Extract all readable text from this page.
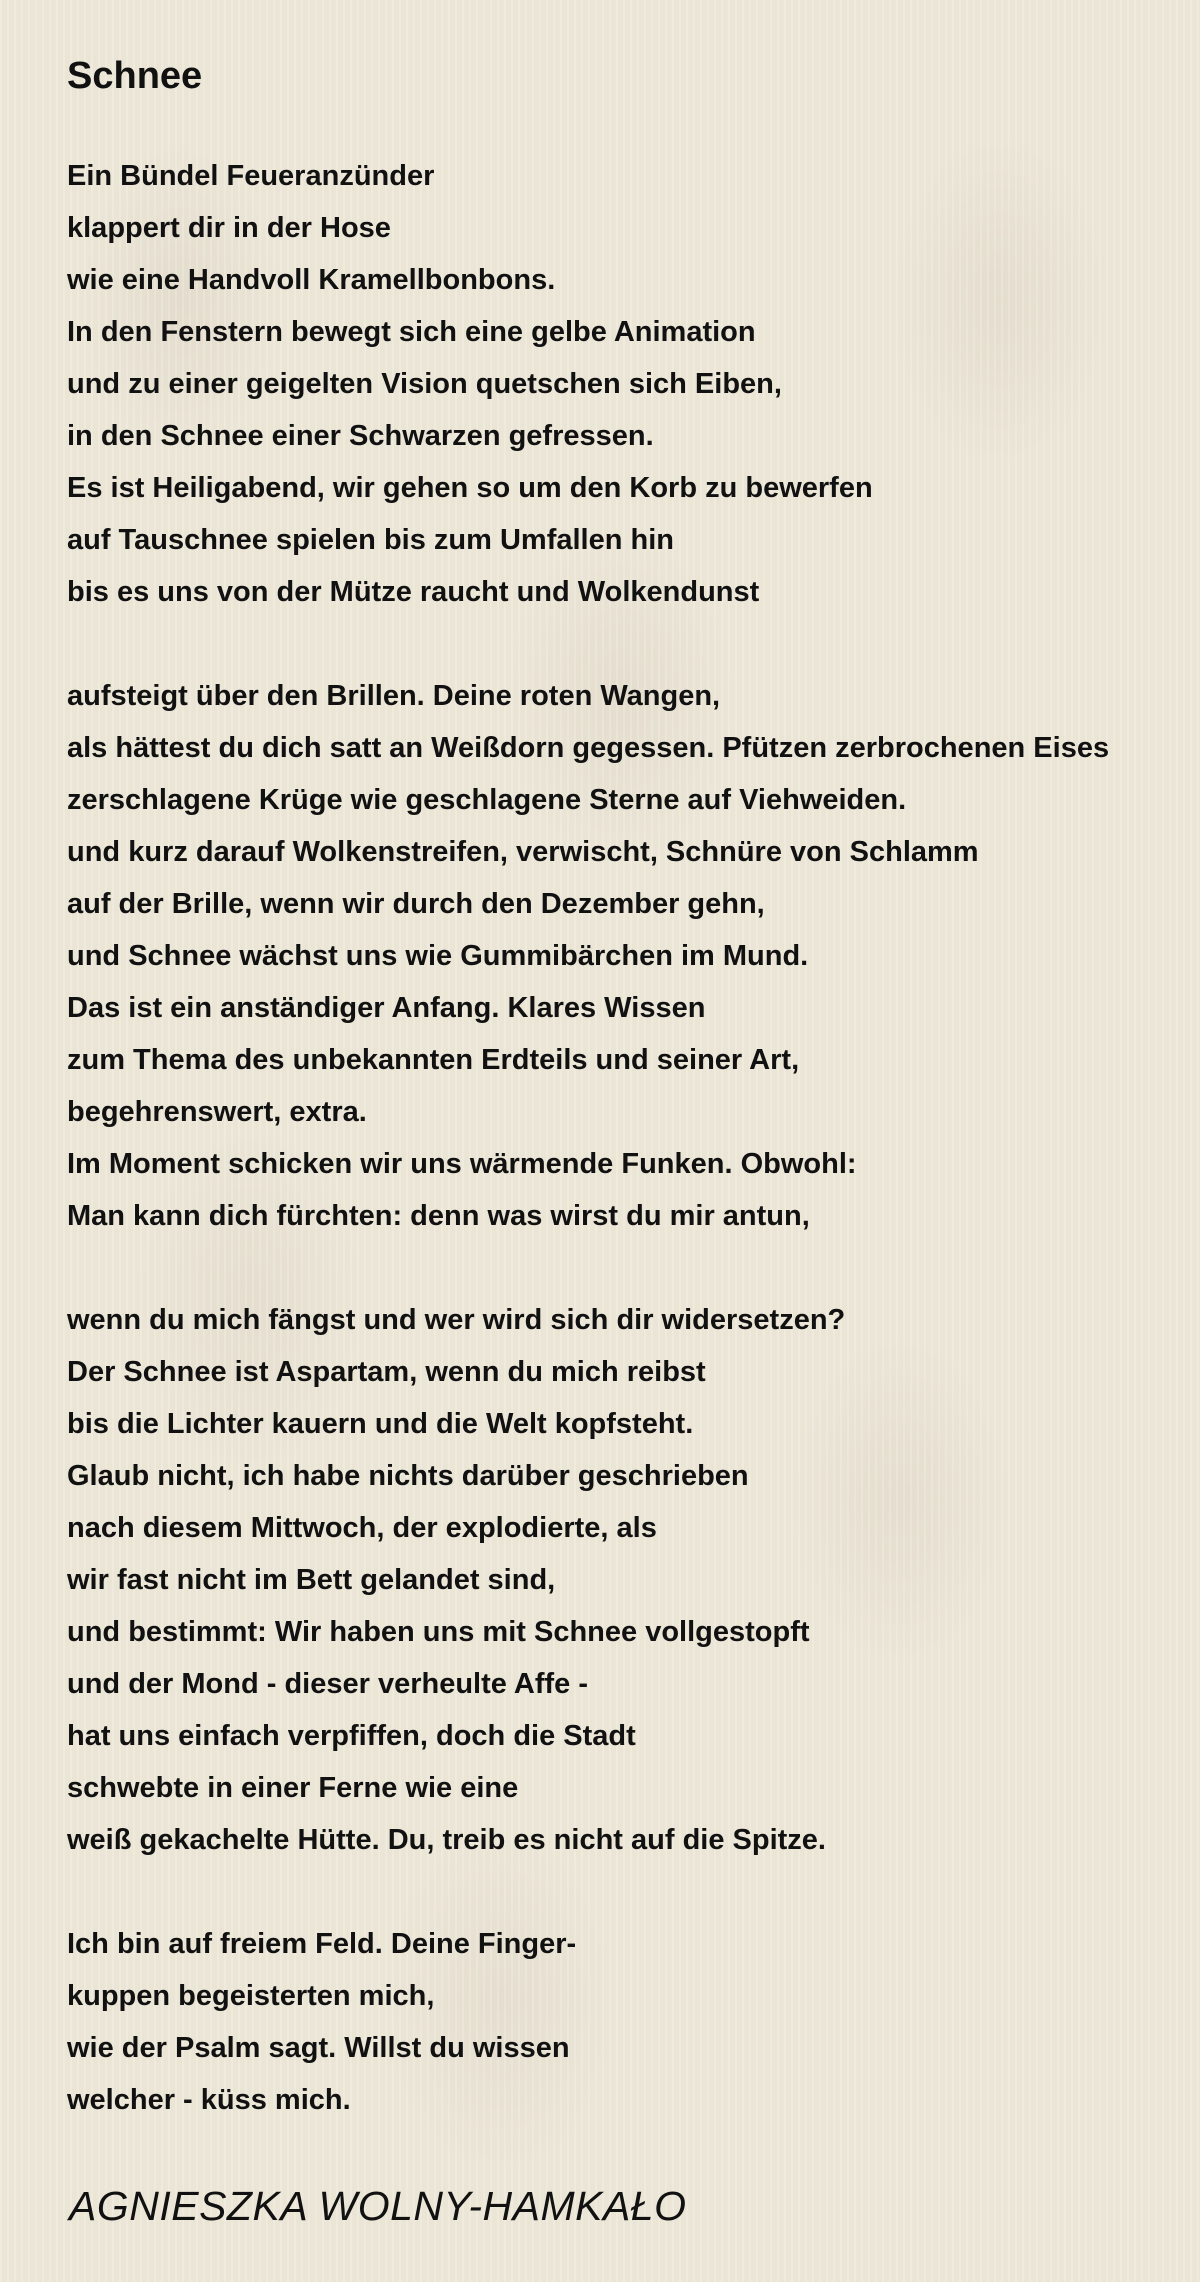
Schnee
Ein Bündel Feueranzünder
klappert dir in der Hose
wie eine Handvoll Kramellbonbons.
In den Fenstern bewegt sich eine gelbe Animation
und zu einer geigelten Vision quetschen sich Eiben,
in den Schnee einer Schwarzen gefressen.
Es ist Heiligabend, wir gehen so um den Korb zu bewerfen
auf Tauschnee spielen bis zum Umfallen hin
bis es uns von der Mütze raucht und Wolkendunst
aufsteigt über den Brillen. Deine roten Wangen,
als hättest du dich satt an Weißdorn gegessen. Pfützen zerbrochenen Eises
zerschlagene Krüge wie geschlagene Sterne auf Viehweiden.
und kurz darauf Wolkenstreifen, verwischt, Schnüre von Schlamm
auf der Brille, wenn wir durch den Dezember gehn,
und Schnee wächst uns wie Gummibärchen im Mund.
Das ist ein anständiger Anfang. Klares Wissen
zum Thema des unbekannten Erdteils und seiner Art,
begehrenswert, extra.
Im Moment schicken wir uns wärmende Funken. Obwohl:
Man kann dich fürchten: denn was wirst du mir antun,
wenn du mich fängst und wer wird sich dir widersetzen?
Der Schnee ist Aspartam, wenn du mich reibst
bis die Lichter kauern und die Welt kopfsteht.
Glaub nicht, ich habe nichts darüber geschrieben
nach diesem Mittwoch, der explodierte, als
wir fast nicht im Bett gelandet sind,
und bestimmt: Wir haben uns mit Schnee vollgestopft
und der Mond - dieser verheulte Affe -
hat uns einfach verpfiffen, doch die Stadt
schwebte in einer Ferne wie eine
weiß gekachelte Hütte. Du, treib es nicht auf die Spitze.
Ich bin auf freiem Feld. Deine Finger-
kuppen begeisterten mich,
wie der Psalm sagt. Willst du wissen
welcher - küss mich.
AGNIESZKA WOLNY-HAMKAŁO
